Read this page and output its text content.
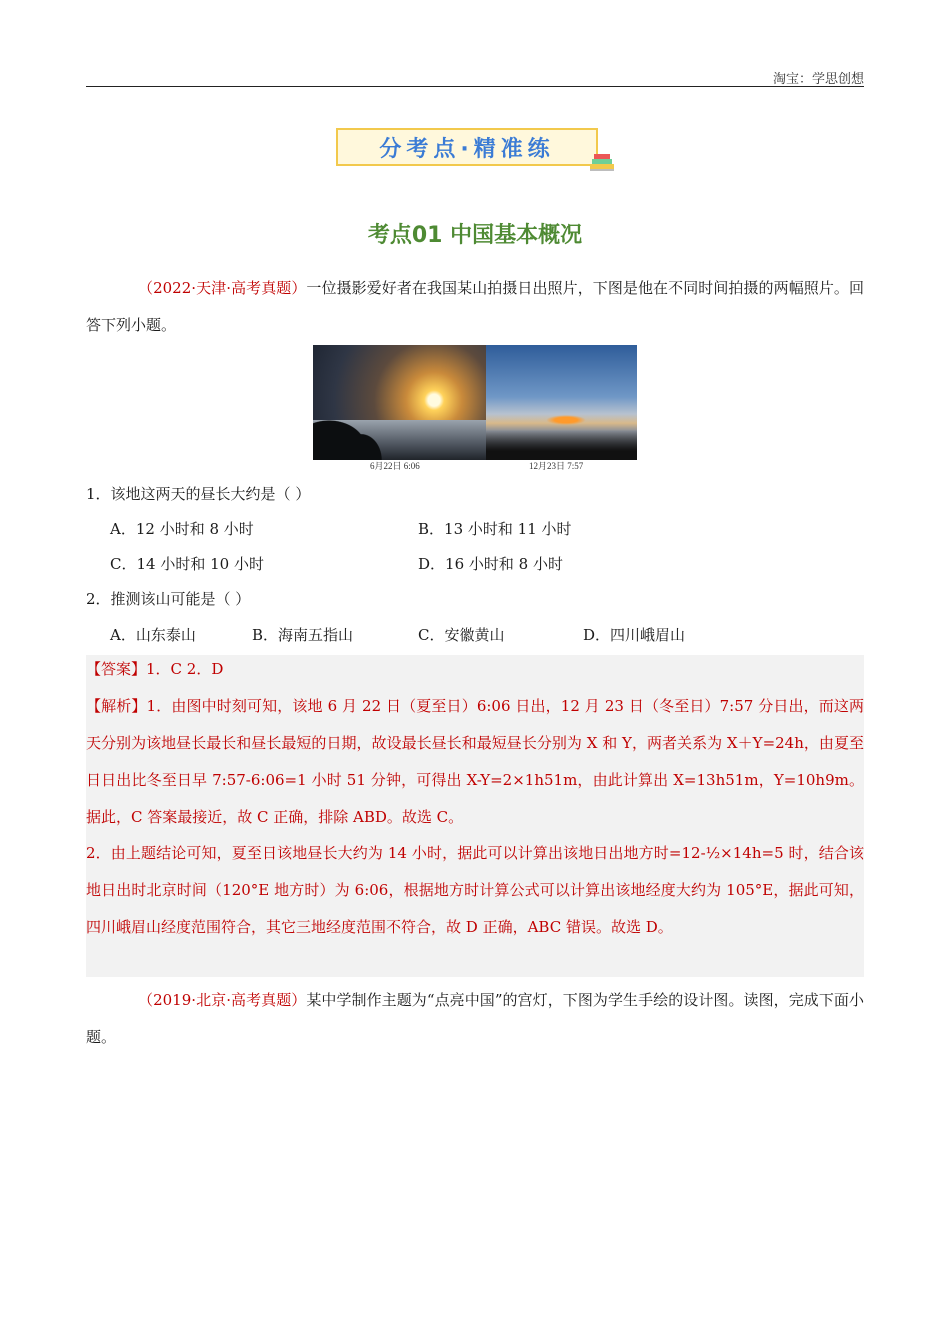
淘宝：学思创想
分考点·精准练
考点01 中国基本概况
（2022·天津·高考真题）一位摄影爱好者在我国某山拍摄日出照片，下图是他在不同时间拍摄的两幅照片。回答下列小题。
6月22日 6:06	12月23日 7:57
1．该地这两天的昼长大约是（ ）
A．12 小时和 8 小时	B．13 小时和 11 小时
C．14 小时和 10 小时	D．16 小时和 8 小时
2．推测该山可能是（ ）
A．山东泰山	B．海南五指山	C．安徽黄山	D．四川峨眉山
【答案】1．C 2．D
【解析】1．由图中时刻可知，该地 6 月 22 日（夏至日）6:06 日出，12 月 23 日（冬至日）7:57 分日出，而这两天分别为该地昼长最长和昼长最短的日期，故设最长昼长和最短昼长分别为 X 和 Y，两者关系为 X＋Y=24h，由夏至日日出比冬至日早 7:57-6:06=1 小时 51 分钟，可得出 X-Y=2×1h51m，由此计算出 X=13h51m，Y=10h9m。据此，C 答案最接近，故 C 正确，排除 ABD。故选 C。
2．由上题结论可知，夏至日该地昼长大约为 14 小时，据此可以计算出该地日出地方时=12-½×14h=5 时，结合该地日出时北京时间（120°E 地方时）为 6:06，根据地方时计算公式可以计算出该地经度大约为 105°E，据此可知，四川峨眉山经度范围符合，其它三地经度范围不符合，故 D 正确，ABC 错误。故选 D。
（2019·北京·高考真题）某中学制作主题为“点亮中国”的宫灯，下图为学生手绘的设计图。读图，完成下面小题。
